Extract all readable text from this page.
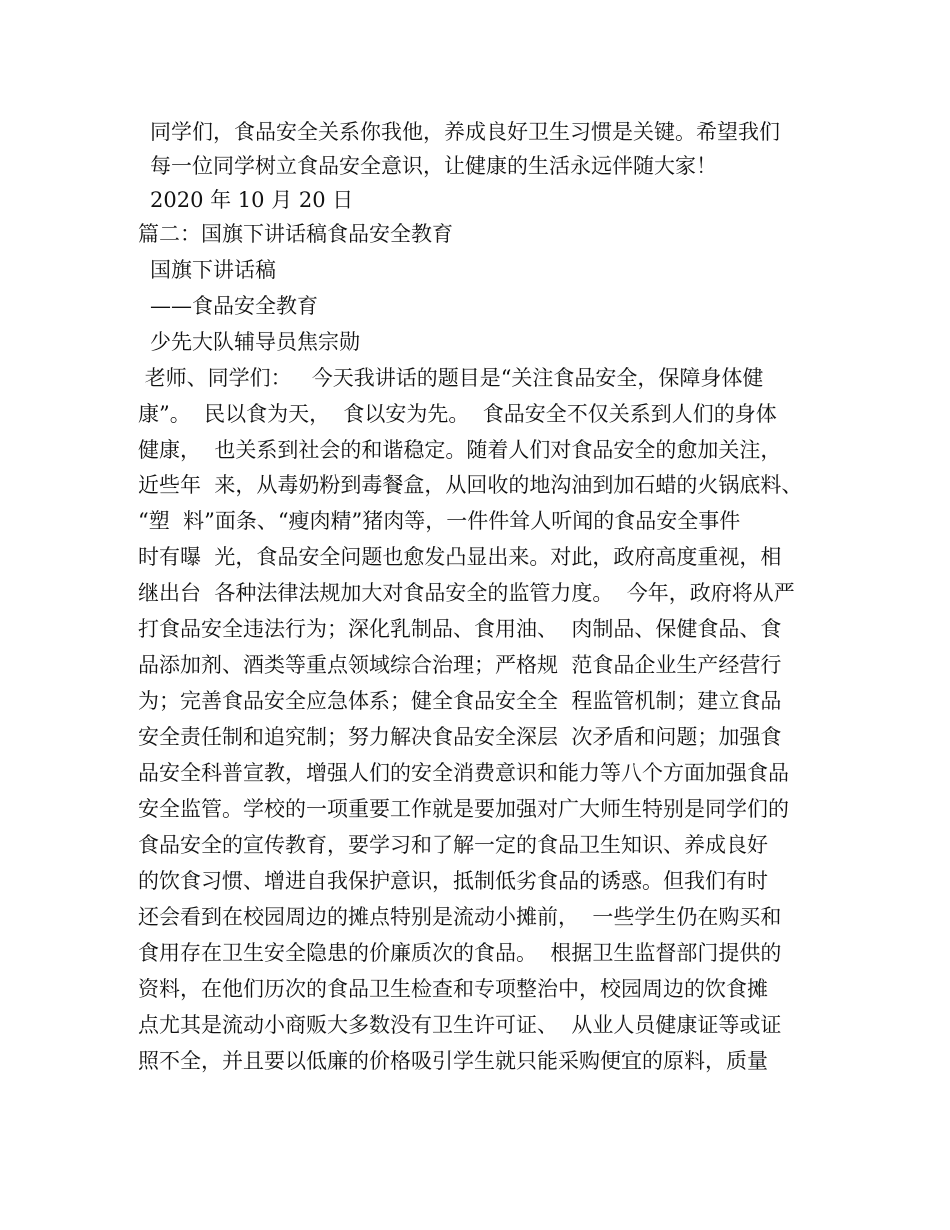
同学们，食品安全关系你我他，养成良好卫生习惯是关键。希望我们
每一位同学树立食品安全意识，让健康的生活永远伴随大家！
2020 年 10 月 20 日
篇二：国旗下讲话稿食品安全教育
国旗下讲话稿
——食品安全教育
少先大队辅导员焦宗勋
老师、同学们：   今天我讲话的题目是“关注食品安全，保障身体健
康”。  民以食为天，  食以安为先。  食品安全不仅关系到人们的身体
健康，  也关系到社会的和谐稳定。随着人们对食品安全的愈加关注，
近些年  来，从毒奶粉到毒餐盒，从回收的地沟油到加石蜡的火锅底料、
“塑  料”面条、“瘦肉精”猪肉等，一件件耸人听闻的食品安全事件
时有曝  光，食品安全问题也愈发凸显出来。对此，政府高度重视，相
继出台  各种法律法规加大对食品安全的监管力度。  今年，政府将从严
打食品安全违法行为；深化乳制品、食用油、  肉制品、保健食品、食
品添加剂、酒类等重点领域综合治理；严格规  范食品企业生产经营行
为；完善食品安全应急体系；健全食品安全全  程监管机制；建立食品
安全责任制和追究制；努力解决食品安全深层  次矛盾和问题；加强食
品安全科普宣教，增强人们的安全消费意识和能力等八个方面加强食品
安全监管。学校的一项重要工作就是要加强对广大师生特别是同学们的
食品安全的宣传教育，要学习和了解一定的食品卫生知识、养成良好
的饮食习惯、增进自我保护意识，抵制低劣食品的诱惑。但我们有时
还会看到在校园周边的摊点特别是流动小摊前，  一些学生仍在购买和
食用存在卫生安全隐患的价廉质次的食品。  根据卫生监督部门提供的
资料，在他们历次的食品卫生检查和专项整治中，校园周边的饮食摊
点尤其是流动小商贩大多数没有卫生许可证、  从业人员健康证等或证
照不全，并且要以低廉的价格吸引学生就只能采购便宜的原料，质量
